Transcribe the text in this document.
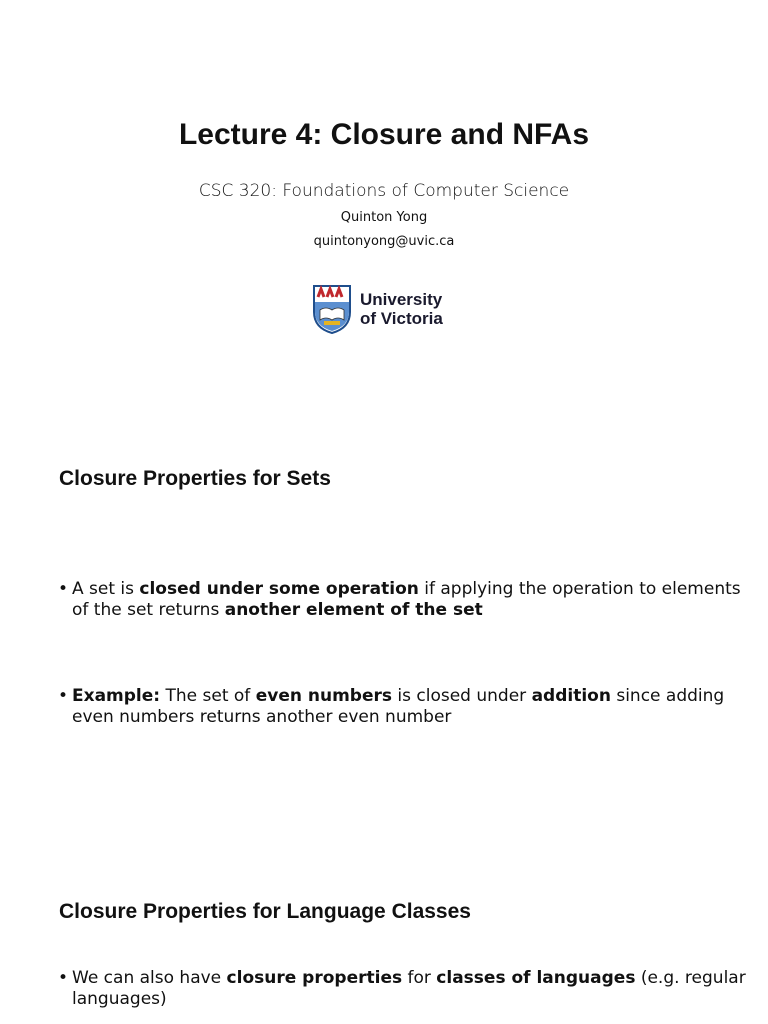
Lecture 4: Closure and NFAs
CSC 320: Foundations of Computer Science
Quinton Yong
quintonyong@uvic.ca
University
of Victoria
Closure Properties for Sets
• A set is closed under some operation if applying the operation to elements of the set returns another element of the set
• Example: The set of even numbers is closed under addition since adding even numbers returns another even number
Closure Properties for Language Classes
• We can also have closure properties for classes of languages (e.g. regular languages)
